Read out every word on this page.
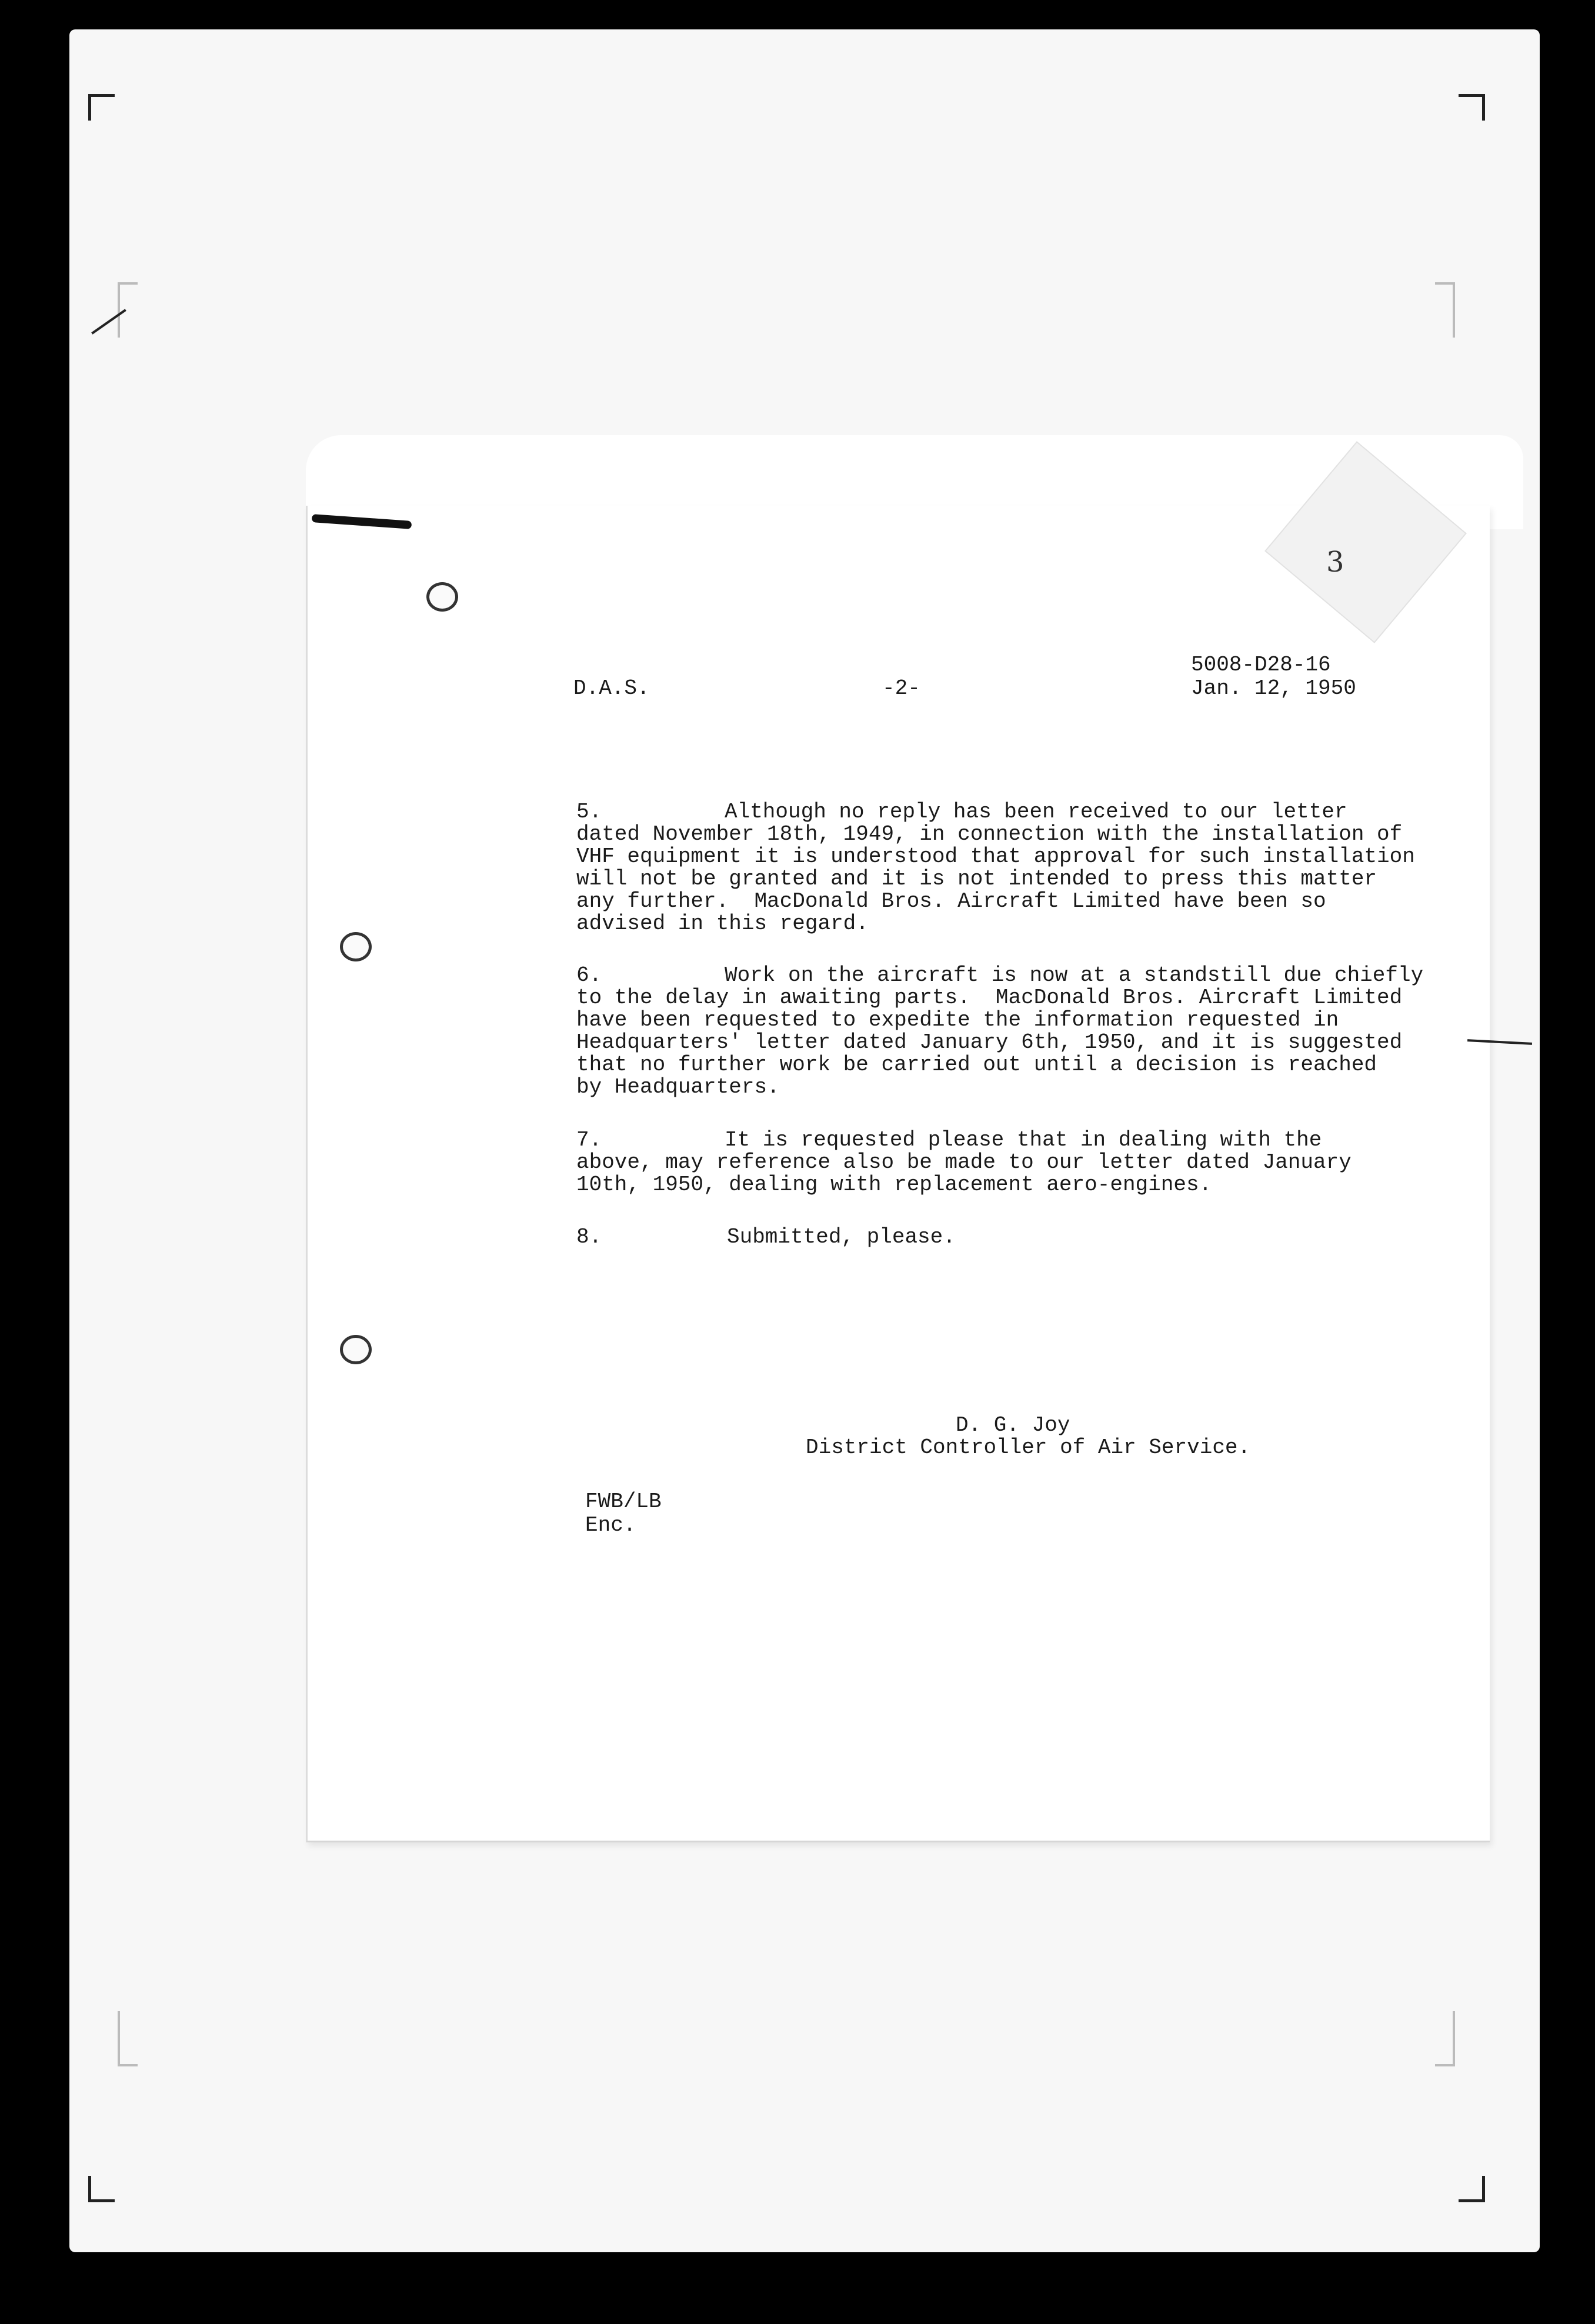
3
D.A.S.	-2-
5008-D28-16
Jan. 12, 1950
5.	Although no reply has been received to our letter
dated November 18th, 1949, in connection with the installation of
VHF equipment it is understood that approval for such installation
will not be granted and it is not intended to press this matter
any further.  MacDonald Bros. Aircraft Limited have been so
advised in this regard.
6.	Work on the aircraft is now at a standstill due chiefly
to the delay in awaiting parts.  MacDonald Bros. Aircraft Limited
have been requested to expedite the information requested in
Headquarters' letter dated January 6th, 1950, and it is suggested
that no further work be carried out until a decision is reached
by Headquarters.
7.	It is requested please that in dealing with the
above, may reference also be made to our letter dated January
10th, 1950, dealing with replacement aero-engines.
8.	Submitted, please.
D. G. Joy
District Controller of Air Service.
FWB/LB
Enc.
